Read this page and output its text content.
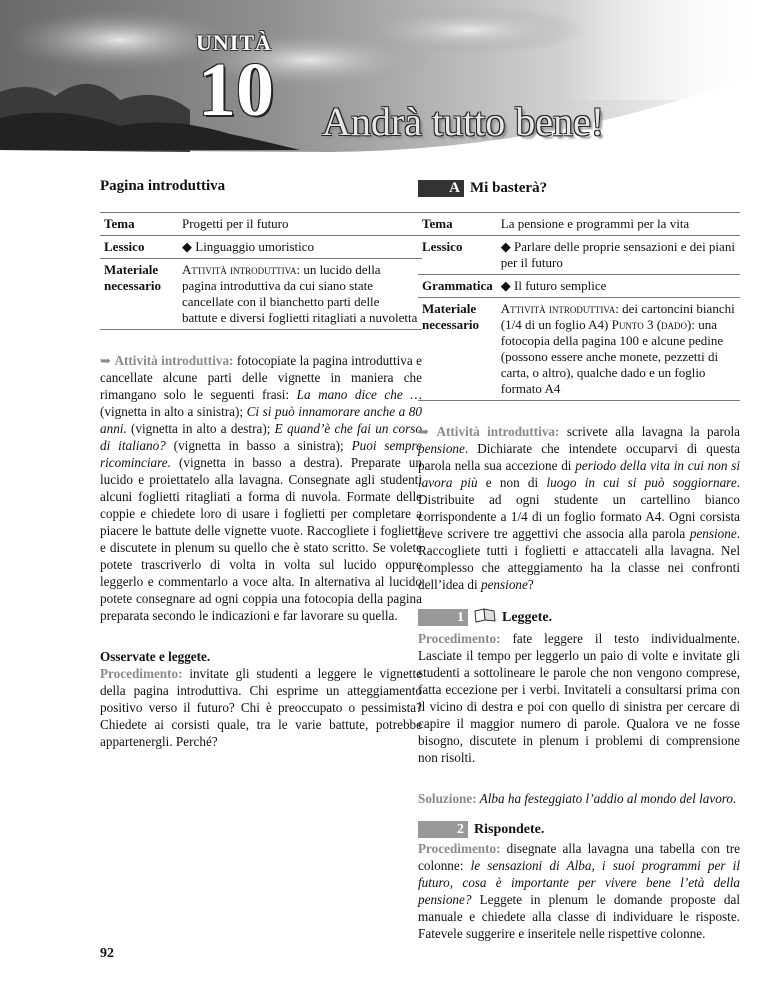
UNITÀ
10 Andrà tutto bene!
Pagina introduttiva
Tema	Progetti per il futuro
Lessico	◆ Linguaggio umoristico
Materiale necessario	Attività introduttiva: un lucido della pagina introduttiva da cui siano state cancellate con il bianchetto parti delle battute e diversi foglietti ritagliati a nuvoletta

➥ Attività introduttiva: fotocopiate la pagina introduttiva e cancellate alcune parti delle vignette in maniera che rimangano solo le seguenti frasi: La mano dice che … (vignetta in alto a sinistra); Ci si può innamorare anche a 80 anni. (vignetta in alto a destra); E quand’è che fai un corso di italiano? (vignetta in basso a sinistra); Puoi sempre ricominciare. (vignetta in basso a destra). Preparate un lucido e proiettatelo alla lavagna. Consegnate agli studenti alcuni foglietti ritagliati a forma di nuvola. Formate delle coppie e chiedete loro di usare i foglietti per completare a piacere le battute delle vignette vuote. Raccogliete i foglietti e discutete in plenum su quello che è stato scritto. Se volete potete trascriverlo di volta in volta sul lucido oppure leggerlo e commentarlo a voce alta. In alternativa al lucido potete consegnare ad ogni coppia una fotocopia della pagina preparata secondo le indicazioni e far lavorare su quella.

Osservate e leggete.

Procedimento: invitate gli studenti a leggere le vignette della pagina introduttiva. Chi esprime un atteggiamento positivo verso il futuro? Chi è preoccupato o pessimista? Chiedete ai corsisti quale, tra le varie battute, potrebbe appartenergli. Perché?

A Mi basterà?
Tema	La pensione e programmi per la vita
Lessico	◆ Parlare delle proprie sensazioni e dei piani per il futuro
Grammatica	◆ Il futuro semplice
Materiale necessario	Attività introduttiva: dei cartoncini bianchi (1/4 di un foglio A4) Punto 3 (dado): una fotocopia della pagina 100 e alcune pedine (possono essere anche monete, pezzetti di carta, o altro), qualche dado e un foglio formato A4

➥ Attività introduttiva: scrivete alla lavagna la parola pensione. Dichiarate che intendete occuparvi di questa parola nella sua accezione di periodo della vita in cui non si lavora più e non di luogo in cui si può soggiornare. Distribuite ad ogni studente un cartellino bianco corrispondente a 1/4 di un foglio formato A4. Ogni corsista deve scrivere tre aggettivi che associa alla parola pensione. Raccogliete tutti i foglietti e attaccateli alla lavagna. Nel complesso che atteggiamento ha la classe nei confronti dell’idea di pensione?

1	Leggete.

Procedimento: fate leggere il testo individualmente. Lasciate il tempo per leggerlo un paio di volte e invitate gli studenti a sottolineare le parole che non vengono comprese, fatta eccezione per i verbi. Invitateli a consultarsi prima con il vicino di destra e poi con quello di sinistra per cercare di capire il maggior numero di parole. Qualora ve ne fosse bisogno, discutete in plenum i problemi di comprensione non risolti.

Soluzione: Alba ha festeggiato l’addio al mondo del lavoro.

2 Rispondete.

Procedimento: disegnate alla lavagna una tabella con tre colonne: le sensazioni di Alba, i suoi programmi per il futuro, cosa è importante per vivere bene l’età della pensione? Leggete in plenum le domande proposte dal manuale e chiedete alla classe di individuare le risposte. Fatevele suggerire e inseritele nelle rispettive colonne.

92
